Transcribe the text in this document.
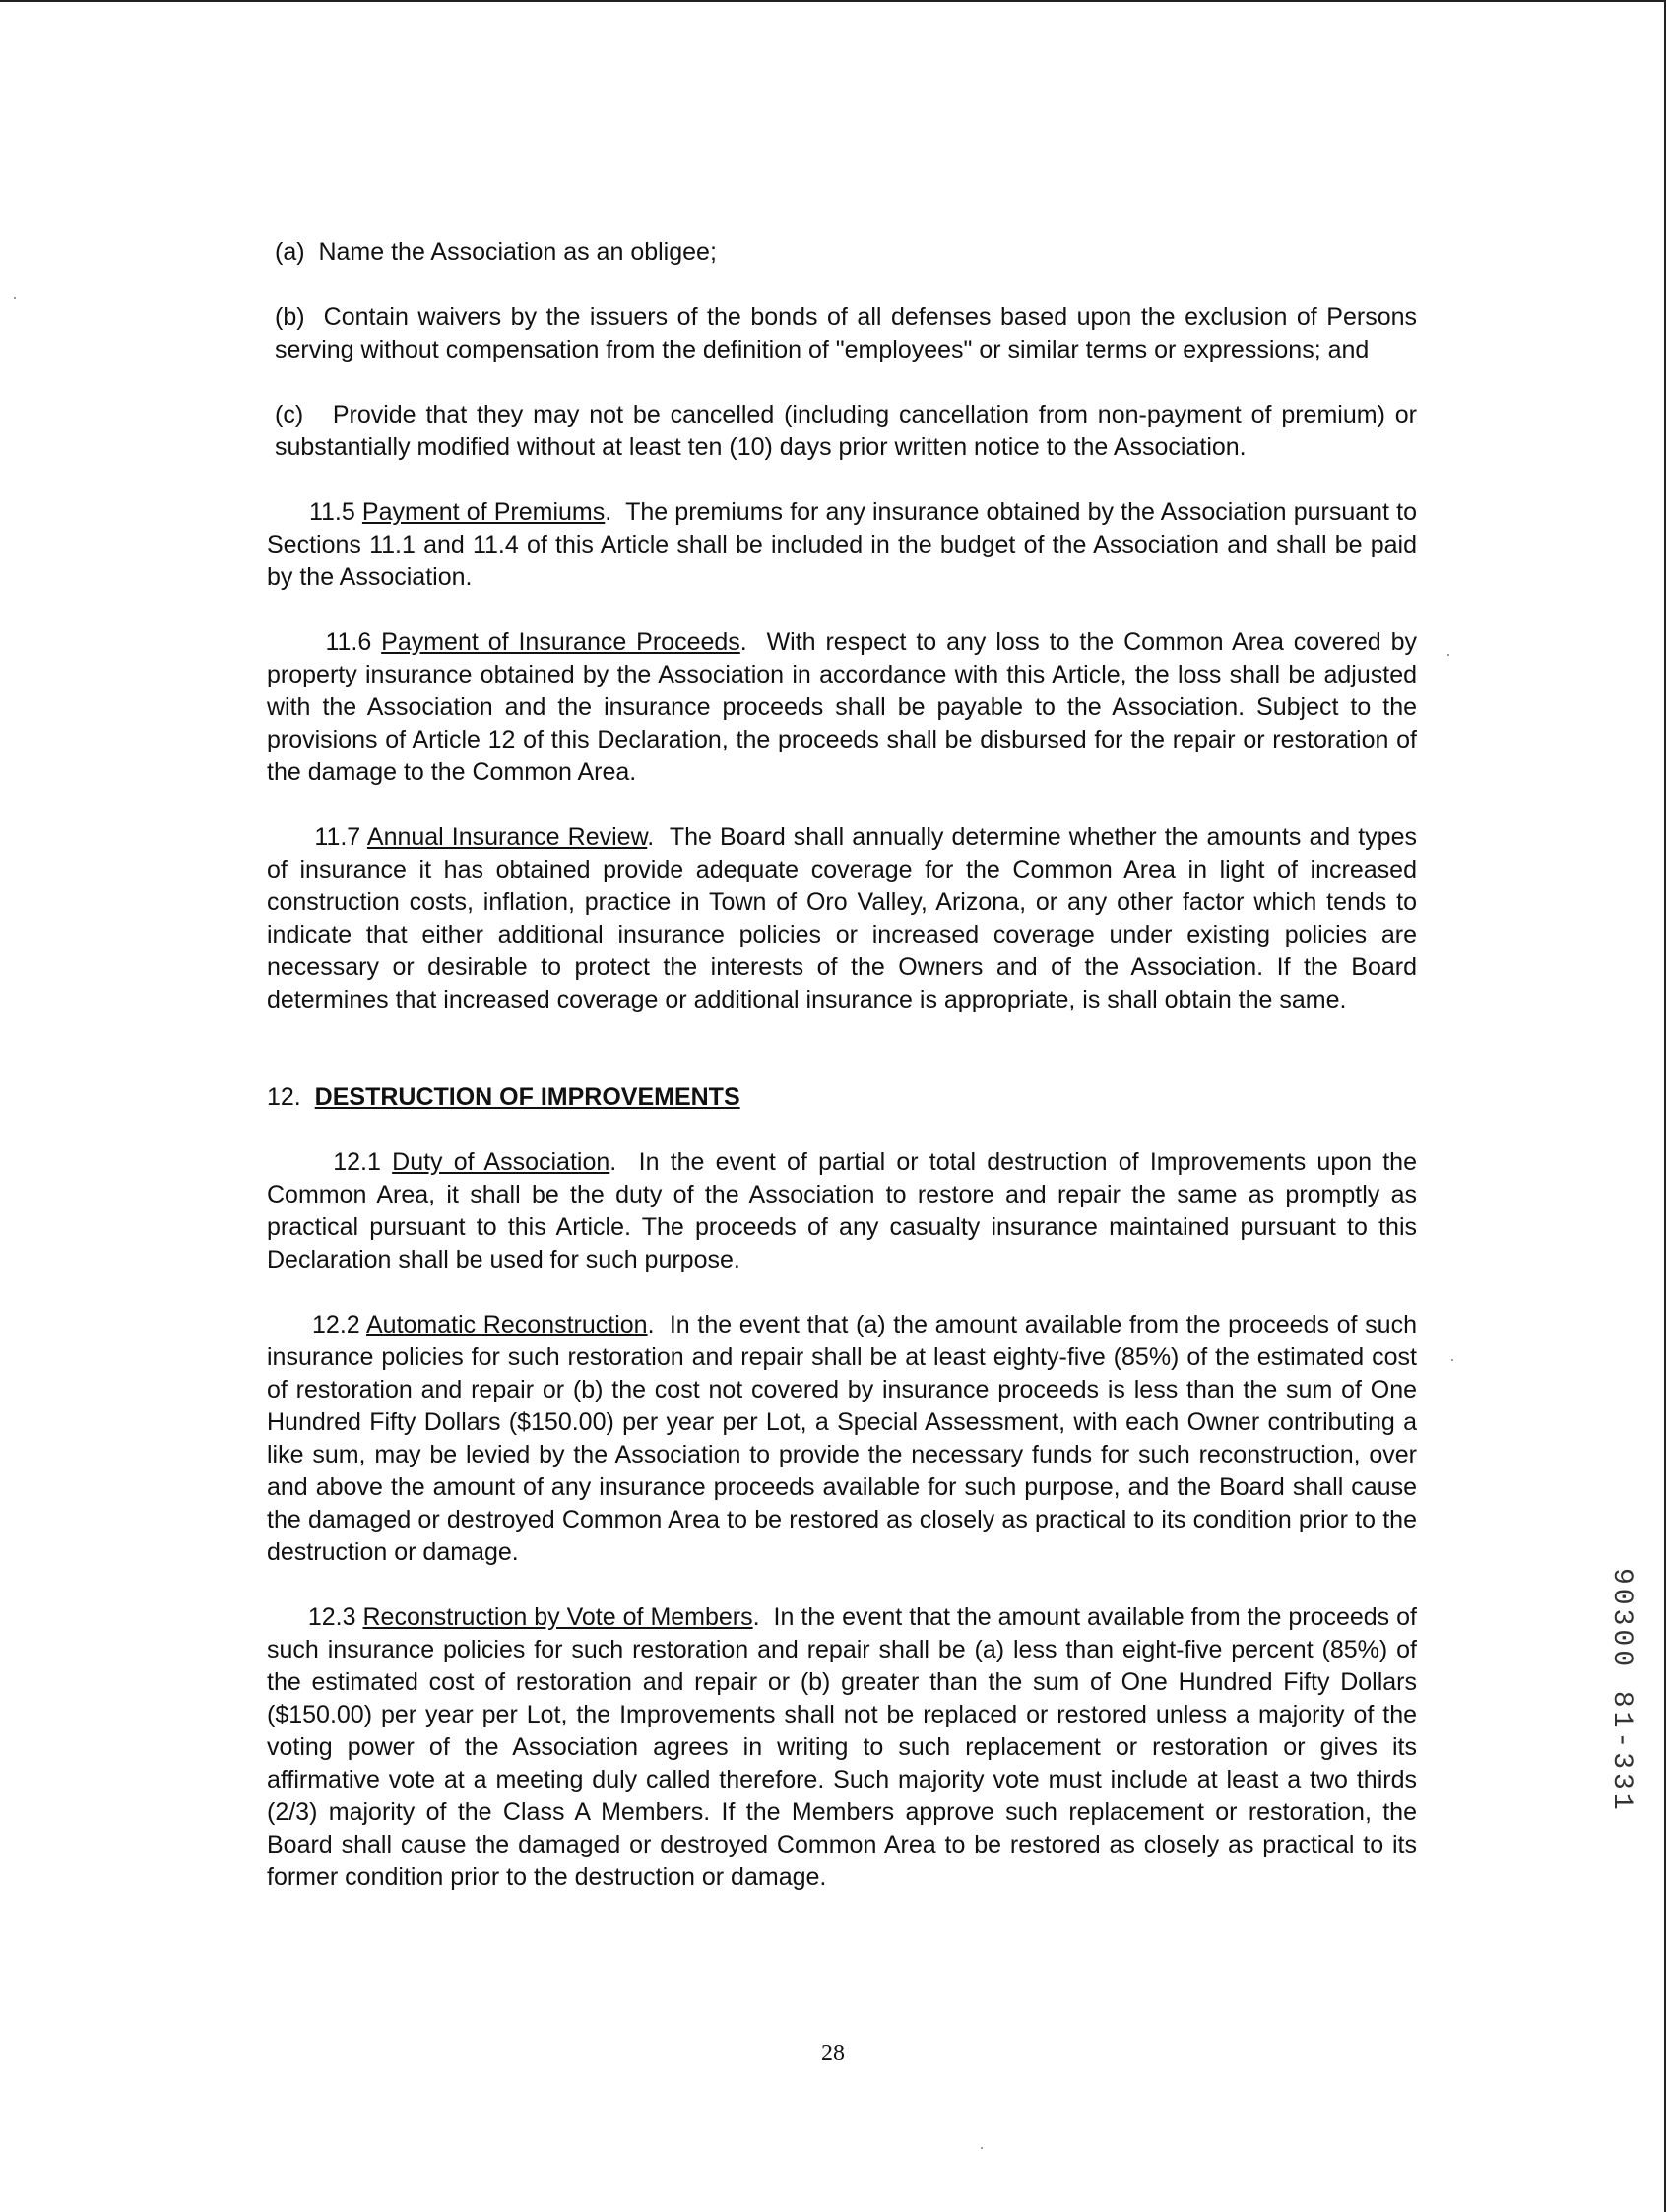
(a) Name the Association as an obligee;

(b) Contain waivers by the issuers of the bonds of all defenses based upon the exclusion of Persons serving without compensation from the definition of "employees" or similar terms or expressions; and

(c) Provide that they may not be cancelled (including cancellation from non-payment of premium) or substantially modified without at least ten (10) days prior written notice to the Association.

11.5 Payment of Premiums.  The premiums for any insurance obtained by the Association pursuant to Sections 11.1 and 11.4 of this Article shall be included in the budget of the Association and shall be paid by the Association.

11.6 Payment of Insurance Proceeds.  With respect to any loss to the Common Area covered by property insurance obtained by the Association in accordance with this Article, the loss shall be adjusted with the Association and the insurance proceeds shall be payable to the Association. Subject to the provisions of Article 12 of this Declaration, the proceeds shall be disbursed for the repair or restoration of the damage to the Common Area.

11.7 Annual Insurance Review.  The Board shall annually determine whether the amounts and types of insurance it has obtained provide adequate coverage for the Common Area in light of increased construction costs, inflation, practice in Town of Oro Valley, Arizona, or any other factor which tends to indicate that either additional insurance policies or increased coverage under existing policies are necessary or desirable to protect the interests of the Owners and of the Association. If the Board determines that increased coverage or additional insurance is appropriate, is shall obtain the same.

12. DESTRUCTION OF IMPROVEMENTS

12.1 Duty of Association.  In the event of partial or total destruction of Improvements upon the Common Area, it shall be the duty of the Association to restore and repair the same as promptly as practical pursuant to this Article. The proceeds of any casualty insurance maintained pursuant to this Declaration shall be used for such purpose.

12.2 Automatic Reconstruction.  In the event that (a) the amount available from the proceeds of such insurance policies for such restoration and repair shall be at least eighty-five (85%) of the estimated cost of restoration and repair or (b) the cost not covered by insurance proceeds is less than the sum of One Hundred Fifty Dollars ($150.00) per year per Lot, a Special Assessment, with each Owner contributing a like sum, may be levied by the Association to provide the necessary funds for such reconstruction, over and above the amount of any insurance proceeds available for such purpose, and the Board shall cause the damaged or destroyed Common Area to be restored as closely as practical to its condition prior to the destruction or damage.

12.3 Reconstruction by Vote of Members.  In the event that the amount available from the proceeds of such insurance policies for such restoration and repair shall be (a) less than eight-five percent (85%) of the estimated cost of restoration and repair or (b) greater than the sum of One Hundred Fifty Dollars ($150.00) per year per Lot, the Improvements shall not be replaced or restored unless a majority of the voting power of the Association agrees in writing to such replacement or restoration or gives its affirmative vote at a meeting duly called therefore. Such majority vote must include at least a two thirds (2/3) majority of the Class A Members. If the Members approve such replacement or restoration, the Board shall cause the damaged or destroyed Common Area to be restored as closely as practical to its former condition prior to the destruction or damage.

28
90300 81-331
